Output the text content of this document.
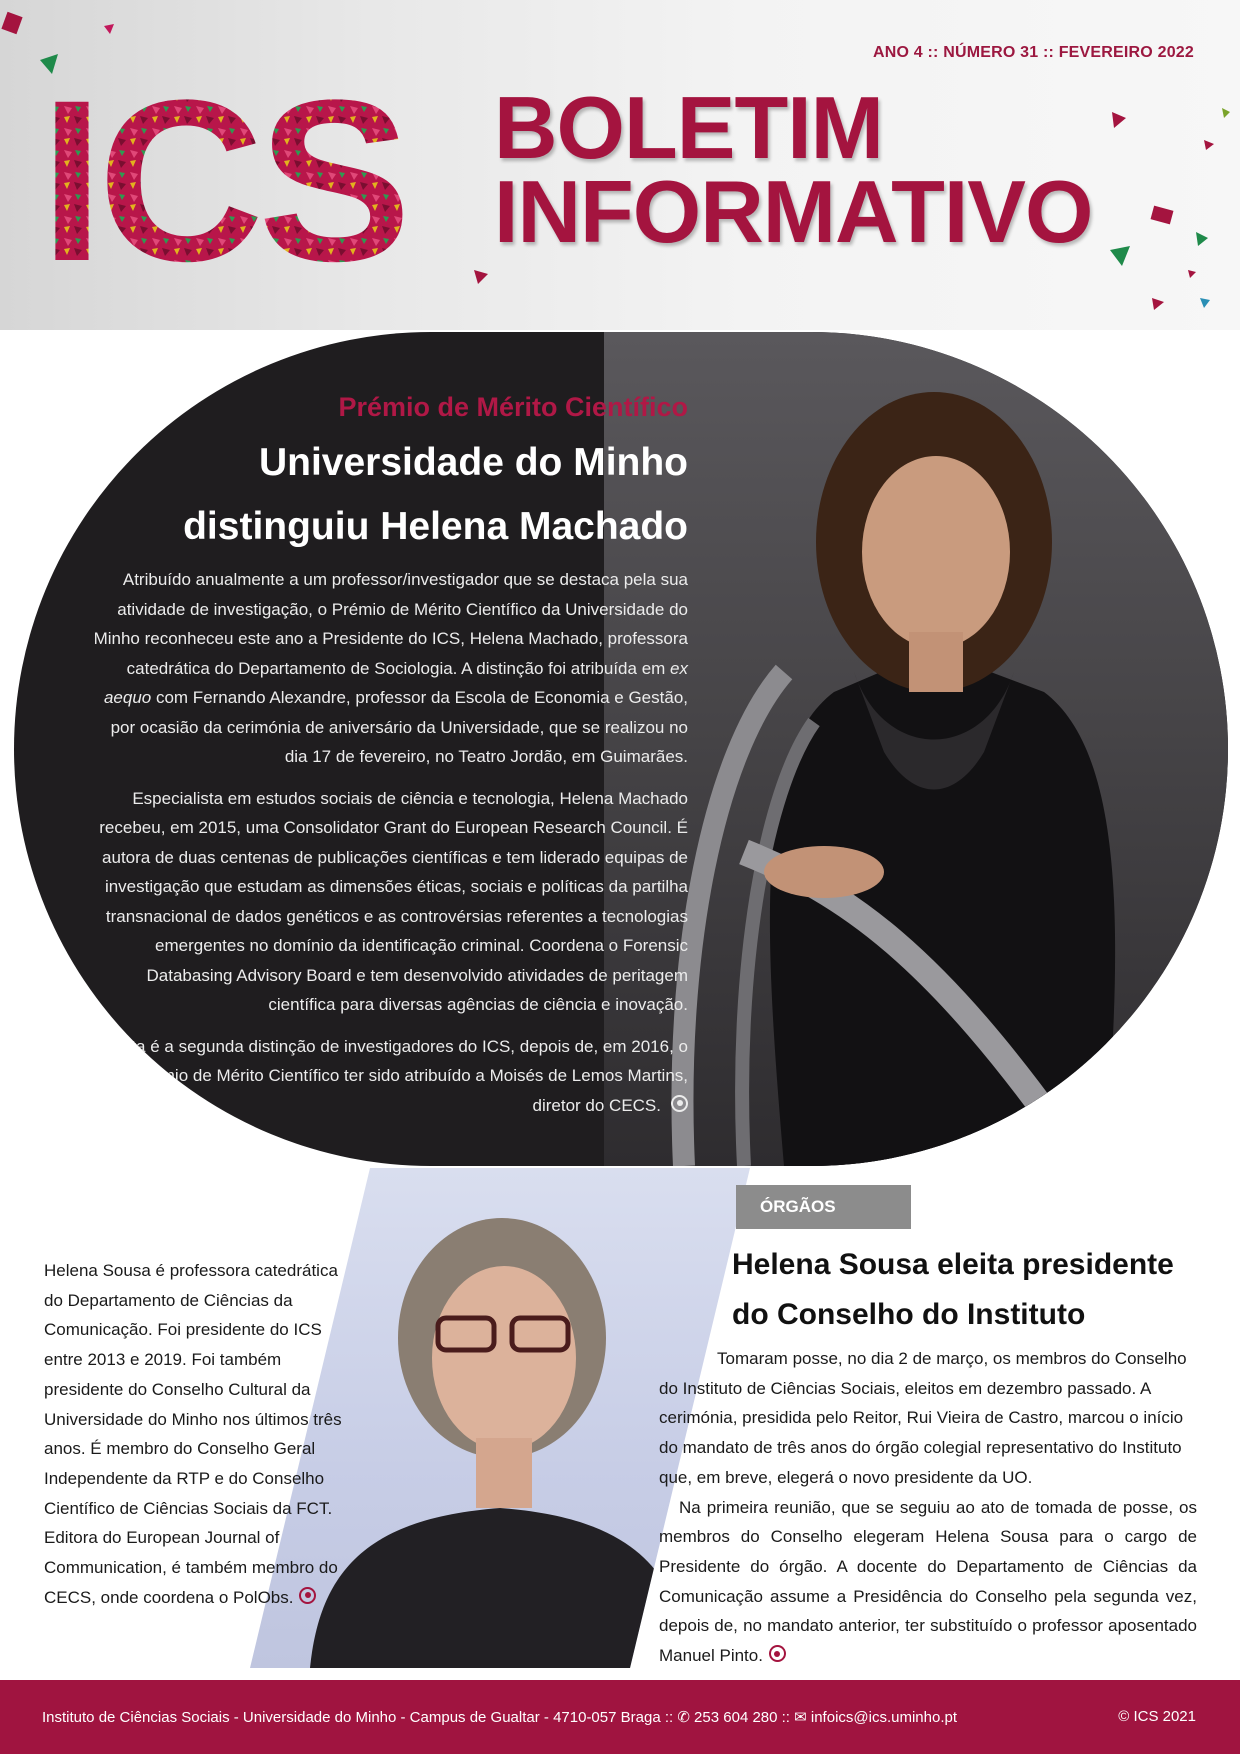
ICS	ANO 4 :: NÚMERO 31 :: FEVEREIRO 2022
BOLETIM
INFORMATIVO
Prémio de Mérito Científico
Universidade do Minho
distinguiu Helena Machado

Atribuído anualmente a um professor/investigador que se destaca pela sua atividade de investigação, o Prémio de Mérito Científico da Universidade do Minho reconheceu este ano a Presidente do ICS, Helena Machado, professora catedrática do Departamento de Sociologia. A distinção foi atribuída em ex aequo com Fernando Alexandre, professor da Escola de Economia e Gestão, por ocasião da cerimónia de aniversário da Universidade, que se realizou no dia 17 de fevereiro, no Teatro Jordão, em Guimarães.

Especialista em estudos sociais de ciência e tecnologia, Helena Machado recebeu, em 2015, uma Consolidator Grant do European Research Council. É autora de duas centenas de publicações científicas e tem liderado equipas de investigação que estudam as dimensões éticas, sociais e políticas da partilha transnacional de dados genéticos e as controvérsias referentes a tecnologias emergentes no domínio da identificação criminal. Coordena o Forensic Databasing Advisory Board e tem desenvolvido atividades de peritagem científica para diversas agências de ciência e inovação.

Esta é a segunda distinção de investigadores do ICS, depois de, em 2016, o Prémio de Mérito Científico ter sido atribuído a Moisés de Lemos Martins, diretor do CECS.

Helena Sousa é professora catedrática do Departamento de Ciências da Comunicação. Foi presidente do ICS entre 2013 e 2019. Foi também presidente do Conselho Cultural da Universidade do Minho nos últimos três anos. É membro do Conselho Geral Independente da RTP e do Conselho Científico de Ciências Sociais da FCT. Editora do European Journal of Communication, é também membro do CECS, onde coordena o PolObs.
ÓRGÃOS
Helena Sousa eleita presidente
do Conselho do Instituto

Tomaram posse, no dia 2 de março, os membros do Conselho do Instituto de Ciências Sociais, eleitos em dezembro passado. A cerimónia, presidida pelo Reitor, Rui Vieira de Castro, marcou o início do mandato de três anos do órgão colegial representativo do Instituto que, em breve, elegerá o novo presidente da UO.

Na primeira reunião, que se seguiu ao ato de tomada de posse, os membros do Conselho elegeram Helena Sousa para o cargo de Presidente do órgão. A docente do Departamento de Ciências da Comunicação assume a Presidência do Conselho pela segunda vez, depois de, no mandato anterior, ter substituído o professor aposentado Manuel Pinto.

Instituto de Ciências Sociais - Universidade do Minho - Campus de Gualtar - 4710-057 Braga :: ✆ 253 604 280 :: ✉ infoics@ics.uminho.pt	© ICS 2021
